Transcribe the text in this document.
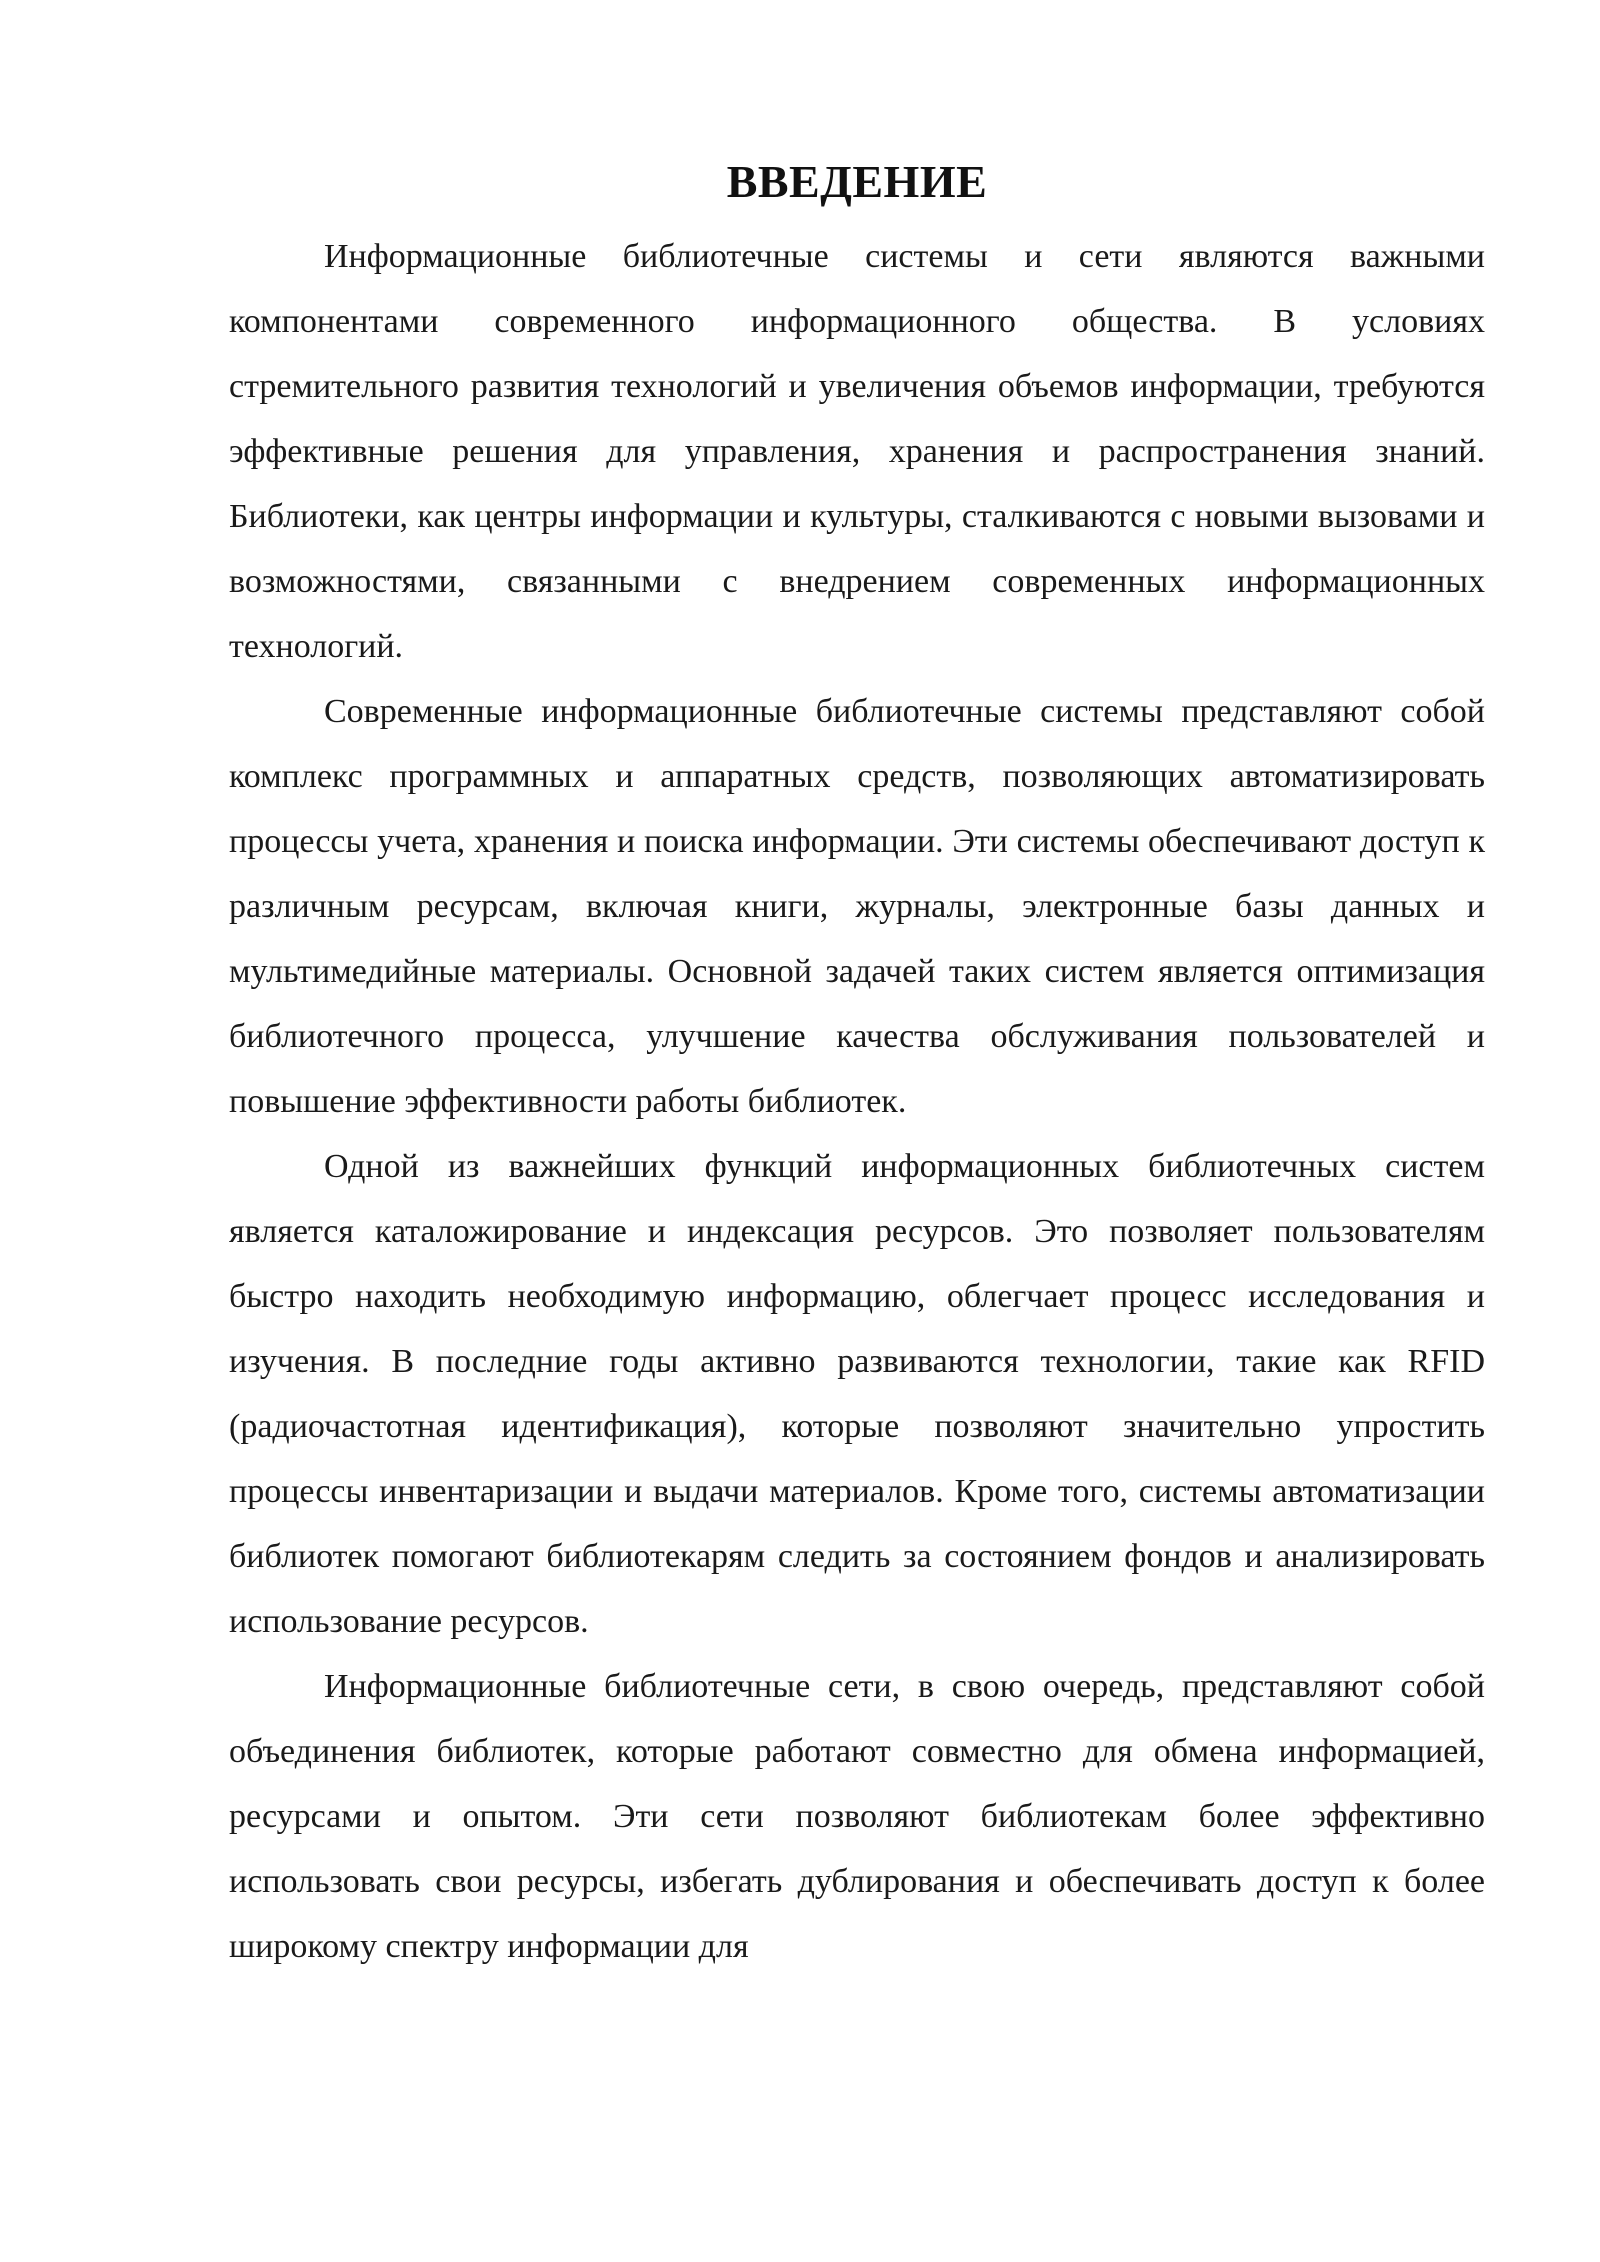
ВВЕДЕНИЕ

Информационные библиотечные системы и сети являются важными компонентами современного информационного общества. В условиях стремительного развития технологий и увеличения объемов информации, требуются эффективные решения для управления, хранения и распространения знаний. Библиотеки, как центры информации и культуры, сталкиваются с новыми вызовами и возможностями, связанными с внедрением современных информационных технологий.

Современные информационные библиотечные системы представляют собой комплекс программных и аппаратных средств, позволяющих автоматизировать процессы учета, хранения и поиска информации. Эти системы обеспечивают доступ к различным ресурсам, включая книги, журналы, электронные базы данных и мультимедийные материалы. Основной задачей таких систем является оптимизация библиотечного процесса, улучшение качества обслуживания пользователей и повышение эффективности работы библиотек.

Одной из важнейших функций информационных библиотечных систем является каталожирование и индексация ресурсов. Это позволяет пользователям быстро находить необходимую информацию, облегчает процесс исследования и изучения. В последние годы активно развиваются технологии, такие как RFID (радиочастотная идентификация), которые позволяют значительно упростить процессы инвентаризации и выдачи материалов. Кроме того, системы автоматизации библиотек помогают библиотекарям следить за состоянием фондов и анализировать использование ресурсов.

Информационные библиотечные сети, в свою очередь, представляют собой объединения библиотек, которые работают совместно для обмена информацией, ресурсами и опытом. Эти сети позволяют библиотекам более эффективно использовать свои ресурсы, избегать дублирования и обеспечивать доступ к более широкому спектру информации для
